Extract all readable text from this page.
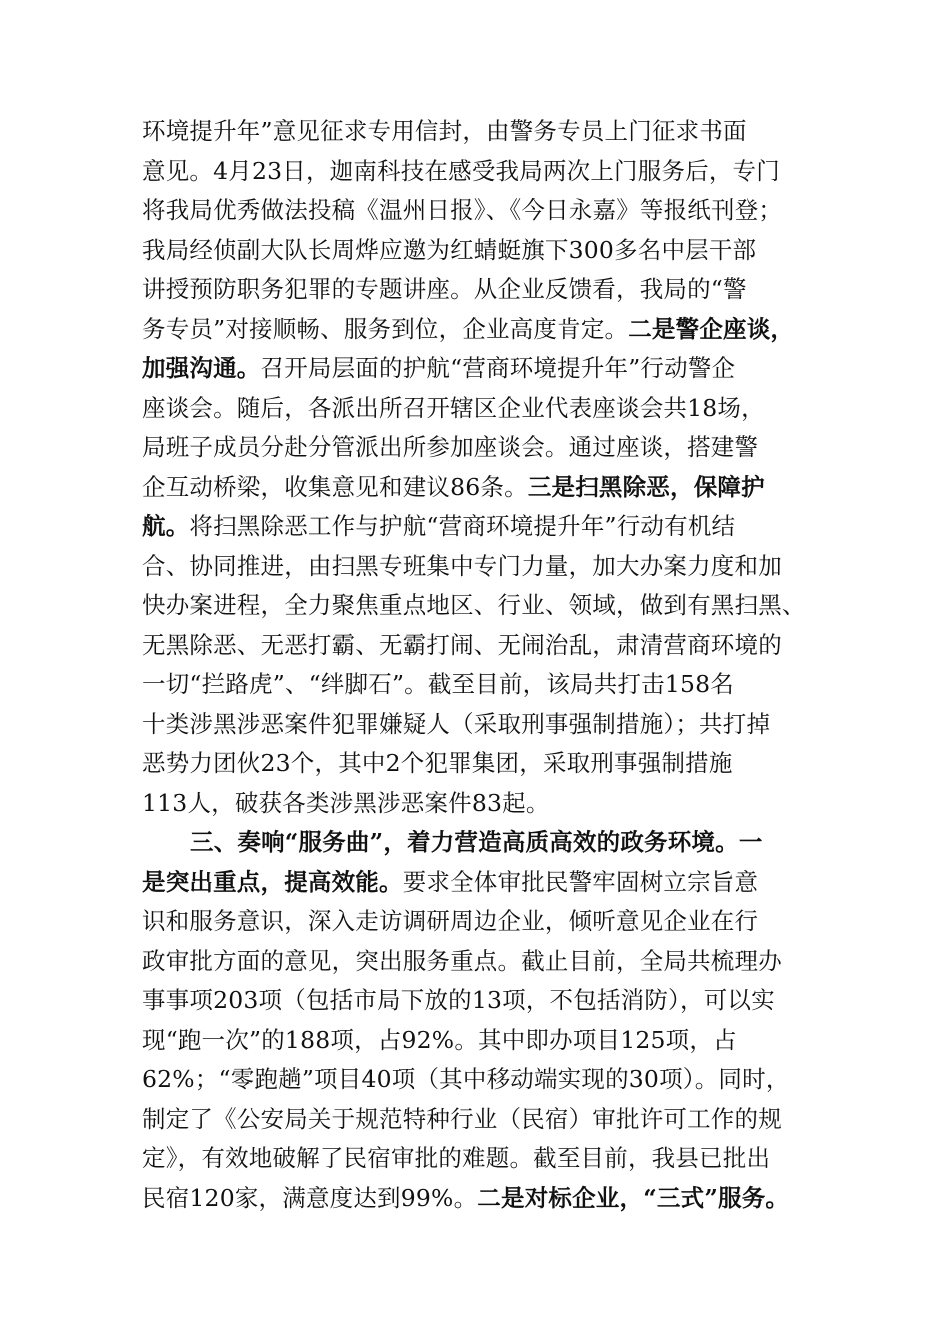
环境提升年”意见征求专用信封，由警务专员上门征求书面
意见。4月23日，迦南科技在感受我局两次上门服务后，专门
将我局优秀做法投稿《温州日报》、《今日永嘉》等报纸刊登；
我局经侦副大队长周烨应邀为红蜻蜓旗下300多名中层干部
讲授预防职务犯罪的专题讲座。从企业反馈看，我局的“警
务专员”对接顺畅、服务到位，企业高度肯定。二是警企座谈，
加强沟通。召开局层面的护航“营商环境提升年”行动警企
座谈会。随后，各派出所召开辖区企业代表座谈会共18场，
局班子成员分赴分管派出所参加座谈会。通过座谈，搭建警
企互动桥梁，收集意见和建议86条。三是扫黑除恶，保障护
航。将扫黑除恶工作与护航“营商环境提升年”行动有机结
合、协同推进，由扫黑专班集中专门力量，加大办案力度和加
快办案进程，全力聚焦重点地区、行业、领域，做到有黑扫黑、
无黑除恶、无恶打霸、无霸打闹、无闹治乱，肃清营商环境的
一切“拦路虎”、“绊脚石”。截至目前，该局共打击158名
十类涉黑涉恶案件犯罪嫌疑人（采取刑事强制措施）；共打掉
恶势力团伙23个，其中2个犯罪集团，采取刑事强制措施
113人，破获各类涉黑涉恶案件83起。
三、奏响“服务曲”，着力营造高质高效的政务环境。一
是突出重点，提高效能。要求全体审批民警牢固树立宗旨意
识和服务意识，深入走访调研周边企业，倾听意见企业在行
政审批方面的意见，突出服务重点。截止目前，全局共梳理办
事事项203项（包括市局下放的13项，不包括消防），可以实
现“跑一次”的188项，占92%。其中即办项目125项，占
62%；“零跑趟”项目40项（其中移动端实现的30项）。同时，
制定了《公安局关于规范特种行业（民宿）审批许可工作的规
定》，有效地破解了民宿审批的难题。截至目前，我县已批出
民宿120家，满意度达到99%。二是对标企业，“三式”服务。
